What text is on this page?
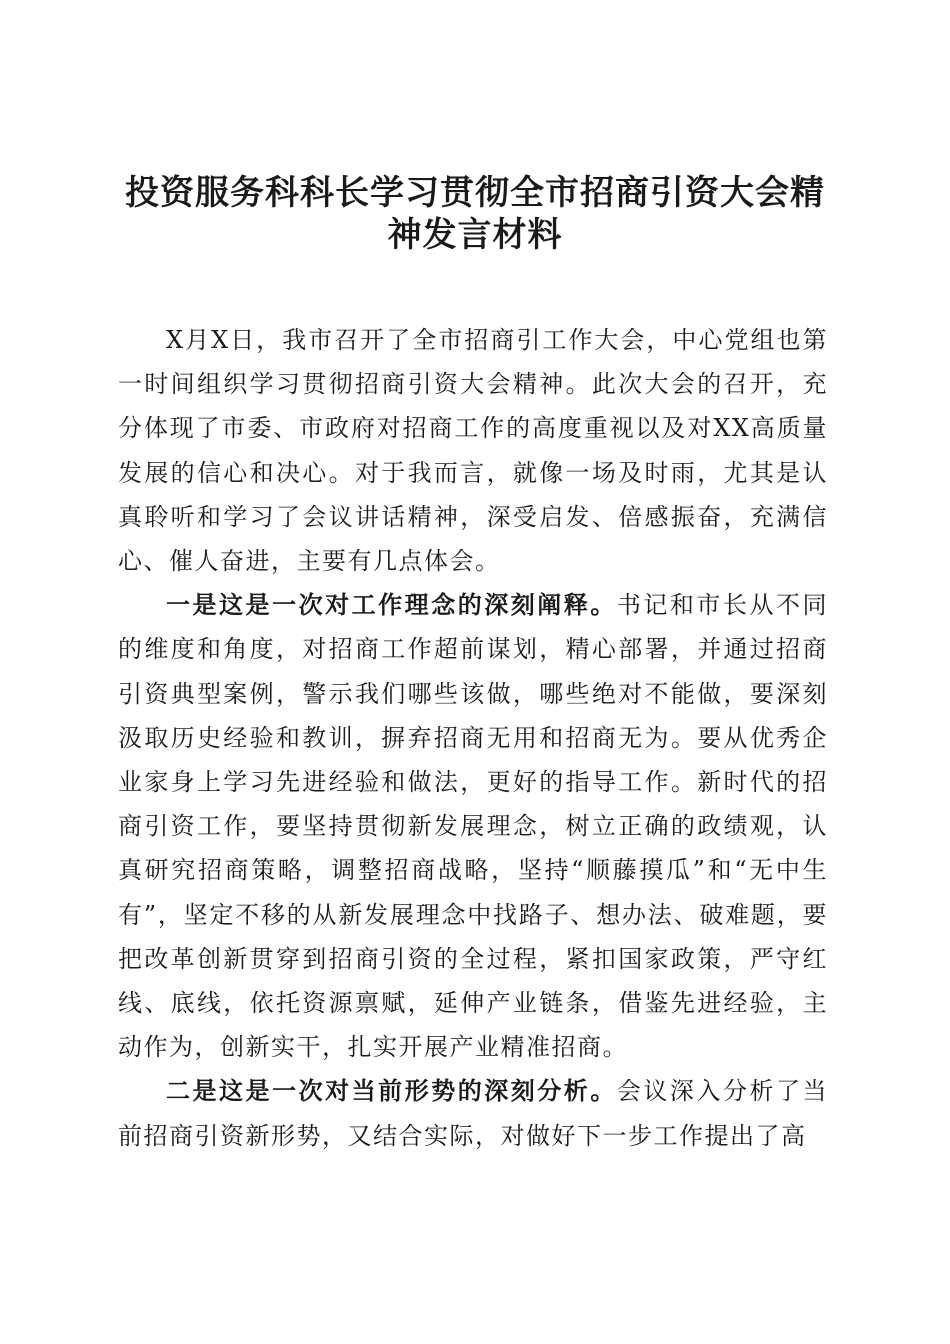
投资服务科科长学习贯彻全市招商引资大会精神发言材料

X月X日，我市召开了全市招商引工作大会，中心党组也第一时间组织学习贯彻招商引资大会精神。此次大会的召开，充分体现了市委、市政府对招商工作的高度重视以及对XX高质量发展的信心和决心。对于我而言，就像一场及时雨，尤其是认真聆听和学习了会议讲话精神，深受启发、倍感振奋，充满信心、催人奋进，主要有几点体会。

一是这是一次对工作理念的深刻阐释。书记和市长从不同的维度和角度，对招商工作超前谋划，精心部署，并通过招商引资典型案例，警示我们哪些该做，哪些绝对不能做，要深刻汲取历史经验和教训，摒弃招商无用和招商无为。要从优秀企业家身上学习先进经验和做法，更好的指导工作。新时代的招商引资工作，要坚持贯彻新发展理念，树立正确的政绩观，认真研究招商策略，调整招商战略，坚持“顺藤摸瓜”和“无中生有”，坚定不移的从新发展理念中找路子、想办法、破难题，要把改革创新贯穿到招商引资的全过程，紧扣国家政策，严守红线、底线，依托资源禀赋，延伸产业链条，借鉴先进经验，主动作为，创新实干，扎实开展产业精准招商。

二是这是一次对当前形势的深刻分析。会议深入分析了当前招商引资新形势，又结合实际，对做好下一步工作提出了高
